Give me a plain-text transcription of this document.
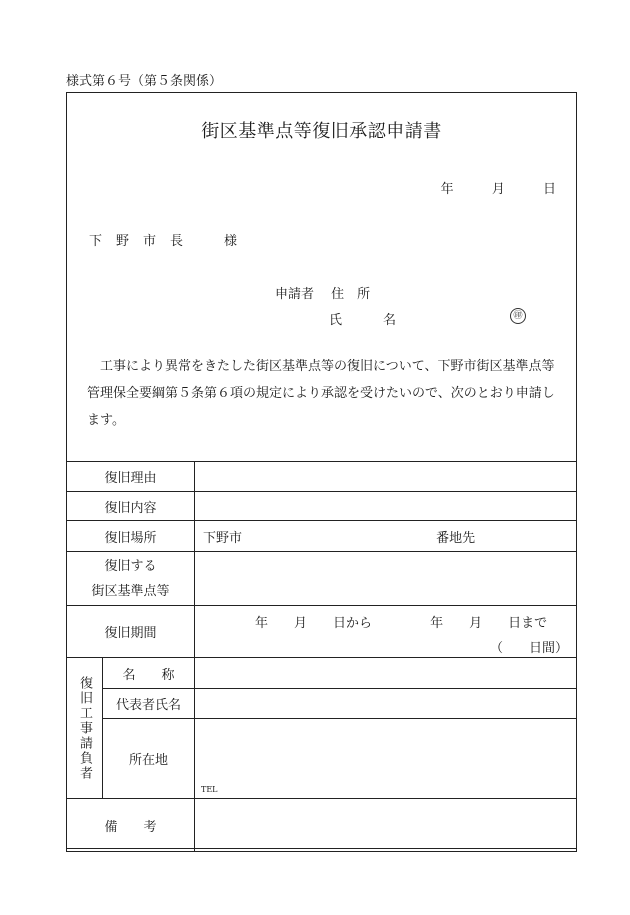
様式第６号（第５条関係）
街区基準点等復旧承認申請書
年	月	日
下野市長　様
申請者　 住　所
氏　名	㊞
工事により異常をきたした街区基準点等の復旧について、下野市街区基準点等管理保全要綱第５条第６項の規定により承認を受けたいので、次のとおり申請します。
復旧理由		
復旧内容		
復旧場所		下野市 番地先

復旧する
街区基準点等		

復旧期間		年　　月　　日から 年　　月　　日まで
（　　日間）

復旧工事請負者	名　　称	
	代表者氏名	
	所在地	TEL

備　　考		
